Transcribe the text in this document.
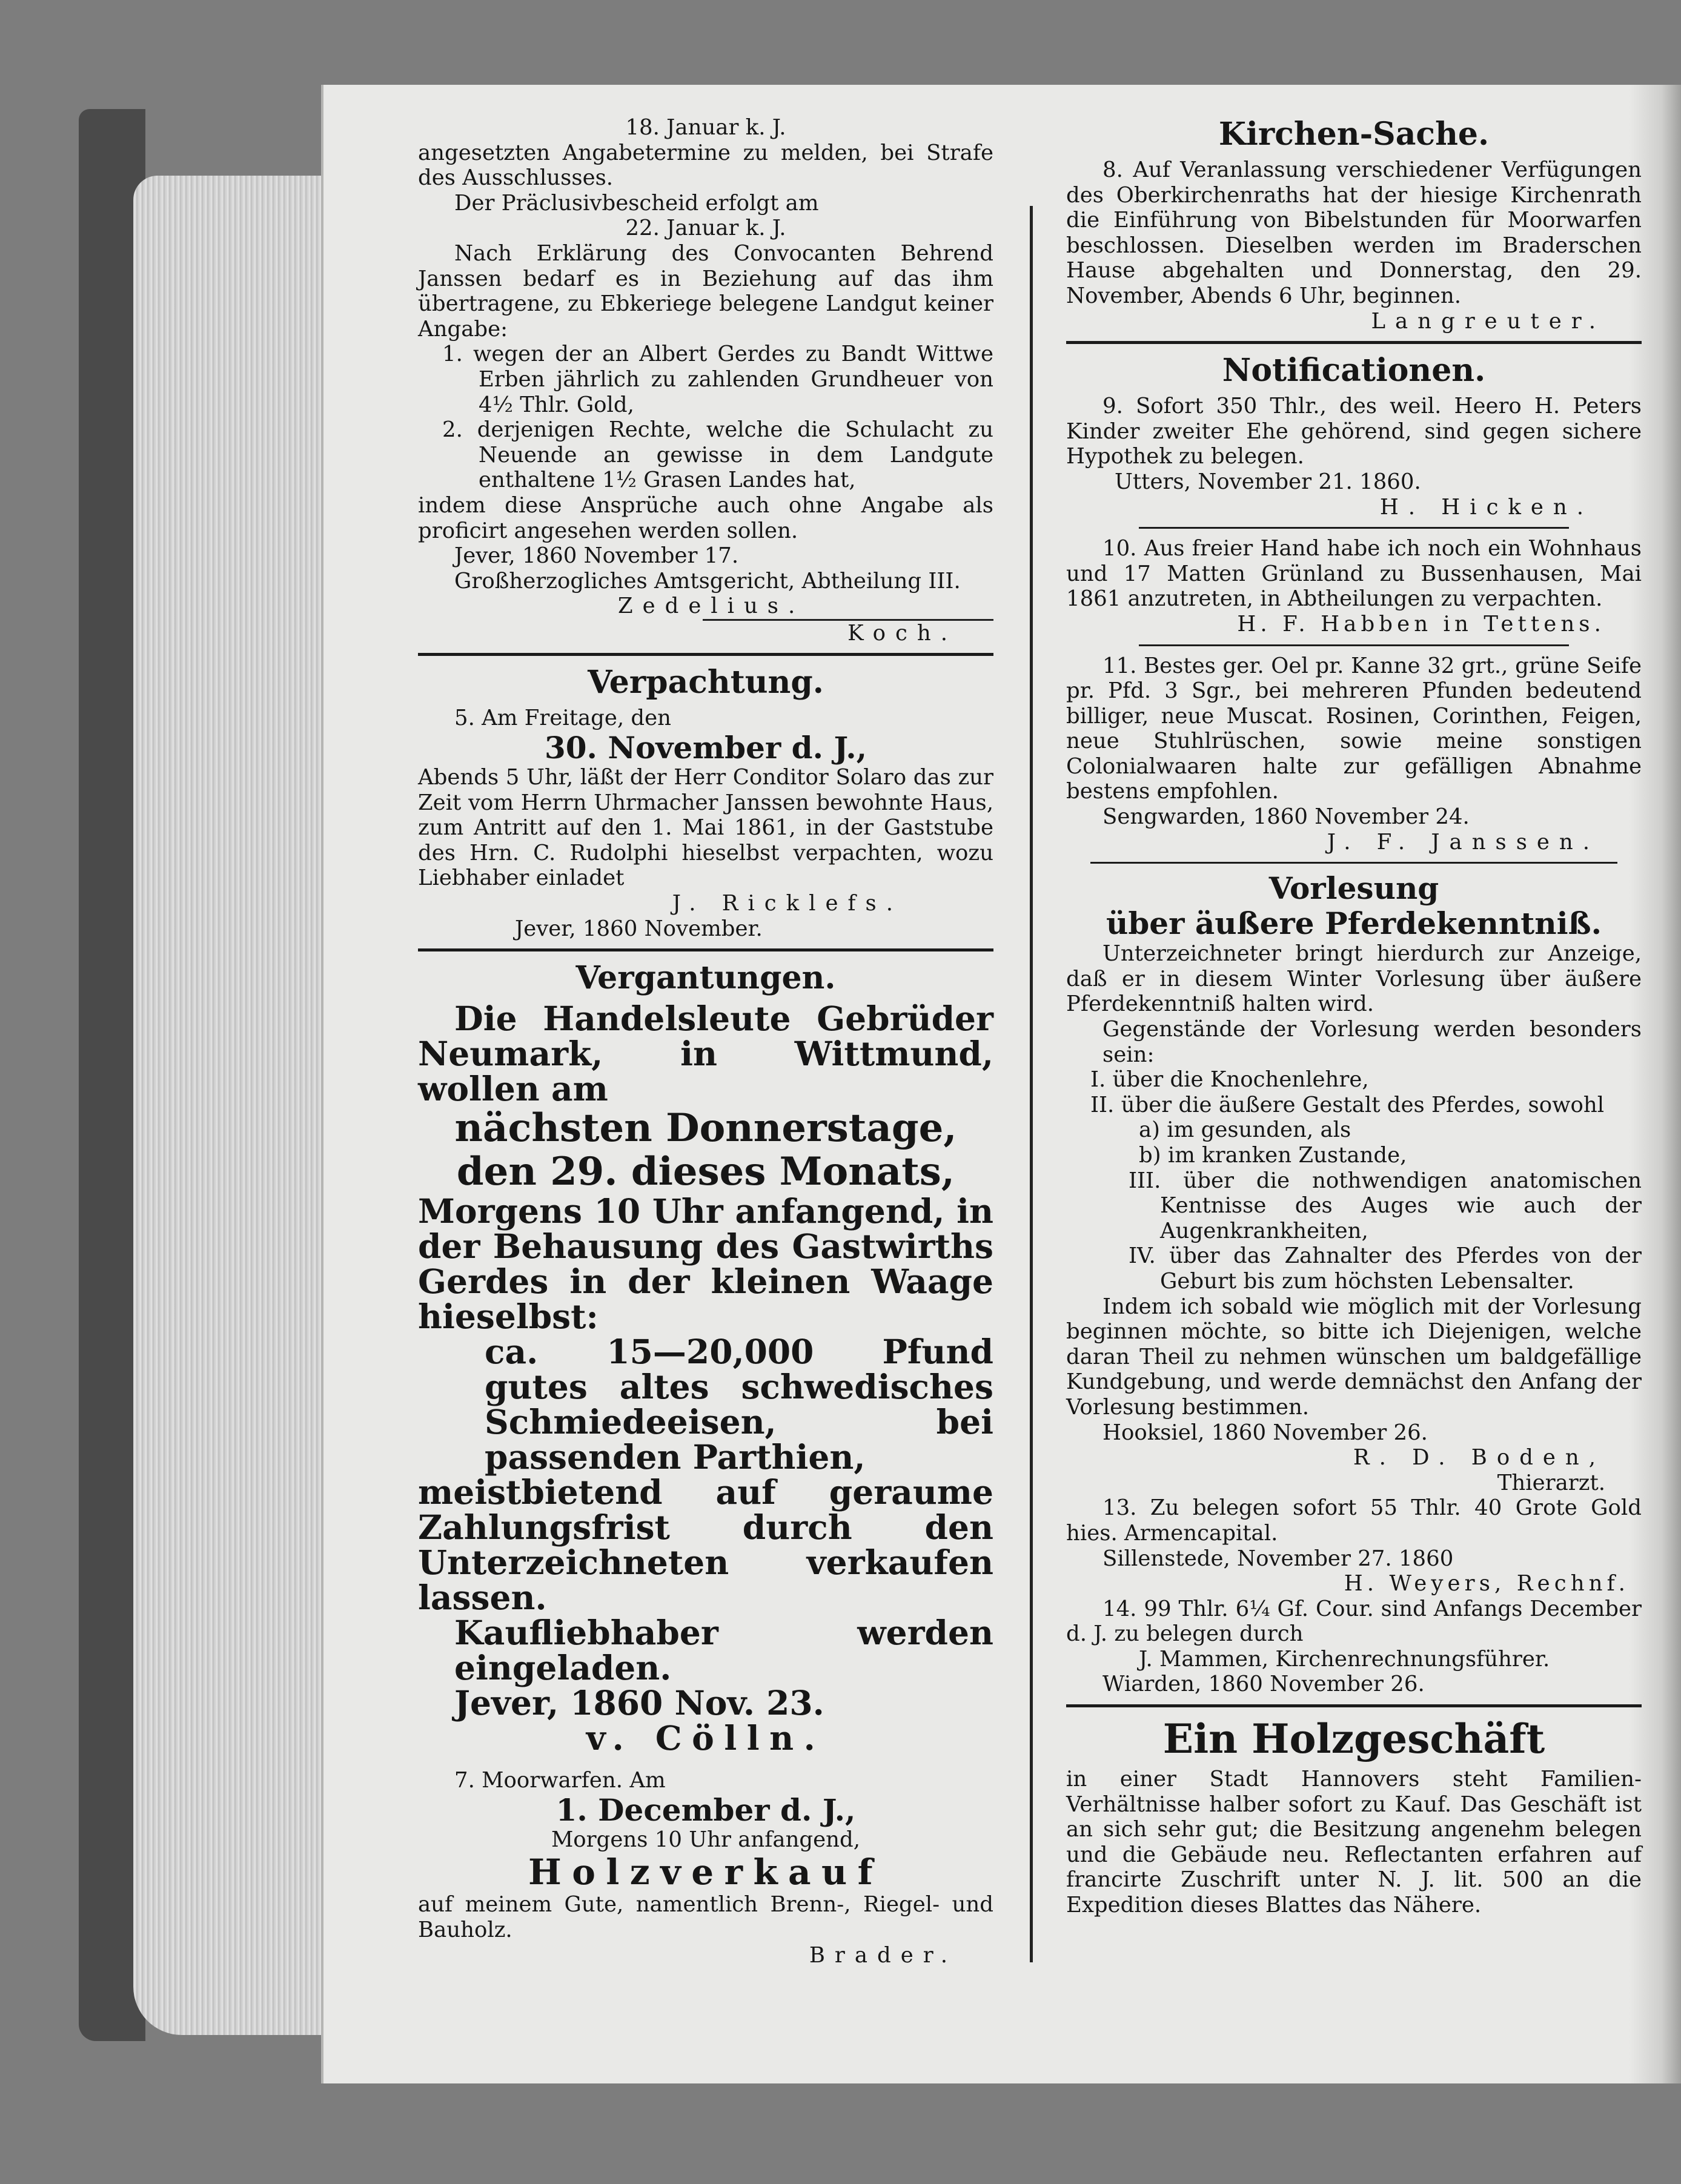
18. Januar k. J.

angesetzten Angabetermine zu melden, bei Strafe des Ausschlusses.

Der Präclusivbescheid erfolgt am

22. Januar k. J.

Nach Erklärung des Convocanten Behrend Janssen bedarf es in Beziehung auf das ihm übertragene, zu Ebkeriege belegene Landgut keiner Angabe:

1. wegen der an Albert Gerdes zu Bandt Wittwe Erben jährlich zu zahlenden Grundheuer von 4½ Thlr. Gold,

2. derjenigen Rechte, welche die Schulacht zu Neuende an gewisse in dem Landgute enthaltene 1½ Grasen Landes hat,

indem diese Ansprüche auch ohne Angabe als proficirt angesehen werden sollen.

Jever, 1860 November 17.

Großherzogliches Amtsgericht, Abtheilung III.

Zedelius.

Koch.

Verpachtung.

5. Am Freitage, den

30. November d. J.,

Abends 5 Uhr, läßt der Herr Conditor Solaro das zur Zeit vom Herrn Uhrmacher Janssen bewohnte Haus, zum Antritt auf den 1. Mai 1861, in der Gaststube des Hrn. C. Rudolphi hieselbst verpachten, wozu Liebhaber einladet

J. Ricklefs.

Jever, 1860 November.

Vergantungen.

Die Handelsleute Gebrüder Neumark, in Wittmund, wollen am

nächsten Donnerstage,

den 29. dieses Monats,

Morgens 10 Uhr anfangend, in der Behausung des Gastwirths Gerdes in der kleinen Waage hieselbst:

ca. 15—20,000 Pfund gutes altes schwedisches Schmiedeeisen, bei passenden Parthien,

meistbietend auf geraume Zahlungsfrist durch den Unterzeichneten verkaufen lassen.

Kaufliebhaber werden eingeladen.

Jever, 1860 Nov. 23.

v. Cölln.

7. Moorwarfen. Am

1. December d. J.,

Morgens 10 Uhr anfangend,

Holzverkauf

auf meinem Gute, namentlich Brenn-, Riegel- und Bauholz.

Brader.

Kirchen-Sache.

8. Auf Veranlassung verschiedener Verfügungen des Oberkirchenraths hat der hiesige Kirchenrath die Einführung von Bibelstunden für Moorwarfen beschlossen. Dieselben werden im Braderschen Hause abgehalten und Donnerstag, den 29. November, Abends 6 Uhr, beginnen.

Langreuter.

Notificationen.

9. Sofort 350 Thlr., des weil. Heero H. Peters Kinder zweiter Ehe gehörend, sind gegen sichere Hypothek zu belegen.

Utters, November 21. 1860.

H. Hicken.

10. Aus freier Hand habe ich noch ein Wohnhaus und 17 Matten Grünland zu Bussenhausen, Mai 1861 anzutreten, in Abtheilungen zu verpachten.

H. F. Habben in Tettens.

11. Bestes ger. Oel pr. Kanne 32 grt., grüne Seife pr. Pfd. 3 Sgr., bei mehreren Pfunden bedeutend billiger, neue Muscat. Rosinen, Corinthen, Feigen, neue Stuhlrüschen, sowie meine sonstigen Colonialwaaren halte zur gefälligen Abnahme bestens empfohlen.

Sengwarden, 1860 November 24.

J. F. Janssen.

Vorlesung
über äußere Pferdekenntniß.

Unterzeichneter bringt hierdurch zur Anzeige, daß er in diesem Winter Vorlesung über äußere Pferdekenntniß halten wird.

Gegenstände der Vorlesung werden besonders sein:

I. über die Knochenlehre,

II. über die äußere Gestalt des Pferdes, sowohl

a) im gesunden, als

b) im kranken Zustande,

III. über die nothwendigen anatomischen Kentnisse des Auges wie auch der Augenkrankheiten,

IV. über das Zahnalter des Pferdes von der Geburt bis zum höchsten Lebensalter.

Indem ich sobald wie möglich mit der Vorlesung beginnen möchte, so bitte ich Diejenigen, welche daran Theil zu nehmen wünschen um baldgefällige Kundgebung, und werde demnächst den Anfang der Vorlesung bestimmen.

Hooksiel, 1860 November 26.

R. D. Boden,

Thierarzt.

13. Zu belegen sofort 55 Thlr. 40 Grote Gold hies. Armencapital.

Sillenstede, November 27. 1860

H. Weyers, Rechnf.

14. 99 Thlr. 6¼ Gf. Cour. sind Anfangs December d. J. zu belegen durch

J. Mammen, Kirchenrechnungsführer.

Wiarden, 1860 November 26.

Ein Holzgeschäft

in einer Stadt Hannovers steht Familien-Verhältnisse halber sofort zu Kauf. Das Geschäft ist an sich sehr gut; die Besitzung angenehm belegen und die Gebäude neu. Reflectanten erfahren auf francirte Zuschrift unter N. J. lit. 500 an die Expedition dieses Blattes das Nähere.
